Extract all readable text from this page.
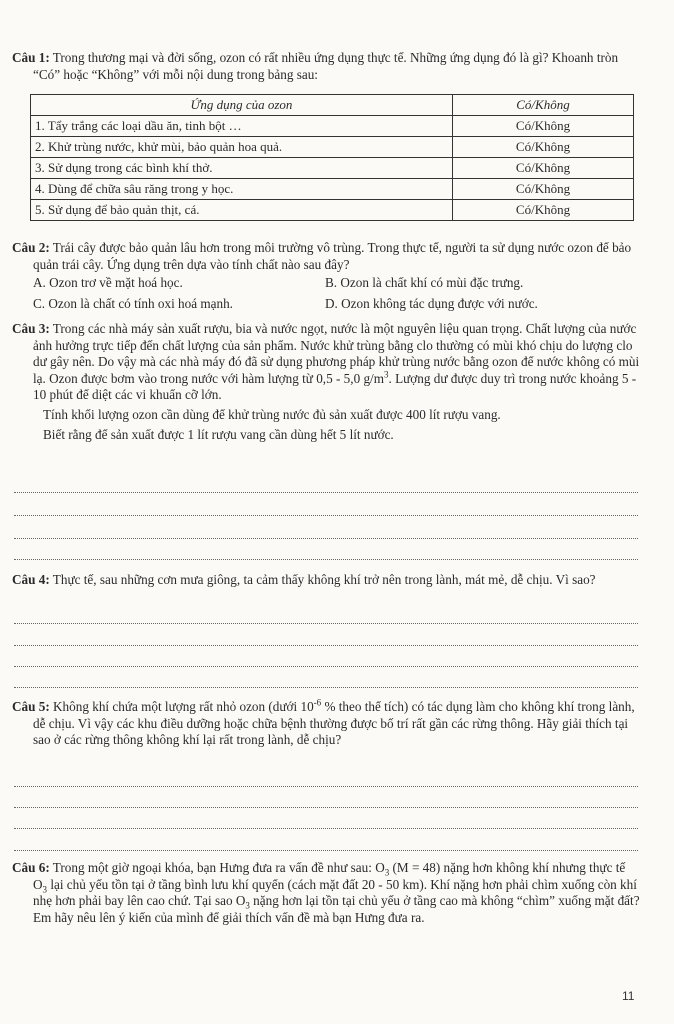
Câu 1: Trong thương mại và đời sống, ozon có rất nhiều ứng dụng thực tế. Những ứng dụng đó là gì? Khoanh tròn “Có” hoặc “Không” với mỗi nội dung trong bảng sau:

Ứng dụng của ozon	Có/Không
1. Tẩy trắng các loại dầu ăn, tinh bột …	Có/Không
2. Khử trùng nước, khử mùi, bảo quản hoa quả.	Có/Không
3. Sử dụng trong các bình khí thở.	Có/Không
4. Dùng để chữa sâu răng trong y học.	Có/Không
5. Sử dụng để bảo quản thịt, cá.	Có/Không

Câu 2: Trái cây được bảo quản lâu hơn trong môi trường vô trùng. Trong thực tế, người ta sử dụng nước ozon để bảo quản trái cây. Ứng dụng trên dựa vào tính chất nào sau đây?

A. Ozon trơ về mặt hoá học.	B. Ozon là chất khí có mùi đặc trưng.
C. Ozon là chất có tính oxi hoá mạnh.	D. Ozon không tác dụng được với nước.

Câu 3: Trong các nhà máy sản xuất rượu, bia và nước ngọt, nước là một nguyên liệu quan trọng. Chất lượng của nước ảnh hưởng trực tiếp đến chất lượng của sản phẩm. Nước khử trùng bằng clo thường có mùi khó chịu do lượng clo dư gây nên. Do vậy mà các nhà máy đó đã sử dụng phương pháp khử trùng nước bằng ozon để nước không có mùi lạ. Ozon được bơm vào trong nước với hàm lượng từ 0,5 - 5,0 $g/m^3$. Lượng dư được duy trì trong nước khoảng 5 - 10 phút để diệt các vi khuẩn cỡ lớn.

Tính khối lượng ozon cần dùng để khử trùng nước đủ sản xuất được 400 lít rượu vang.

Biết rằng để sản xuất được 1 lít rượu vang cần dùng hết 5 lít nước.

Câu 4: Thực tế, sau những cơn mưa giông, ta cảm thấy không khí trở nên trong lành, mát mẻ, dễ chịu. Vì sao?

Câu 5: Không khí chứa một lượng rất nhỏ ozon (dưới $10^{-6}$ % theo thể tích) có tác dụng làm cho không khí trong lành, dễ chịu. Vì vậy các khu điều dưỡng hoặc chữa bệnh thường được bố trí rất gần các rừng thông. Hãy giải thích tại sao ở các rừng thông không khí lại rất trong lành, dễ chịu?

Câu 6: Trong một giờ ngoại khóa, bạn Hưng đưa ra vấn đề như sau: $O_3$ (M = 48) nặng hơn không khí nhưng thực tế $O_3$ lại chủ yếu tồn tại ở tầng bình lưu khí quyển (cách mặt đất 20 - 50 km). Khí nặng hơn phải chìm xuống còn khí nhẹ hơn phải bay lên cao chứ. Tại sao $O_3$ nặng hơn lại tồn tại chủ yếu ở tầng cao mà không “chìm” xuống mặt đất? Em hãy nêu lên ý kiến của mình để giải thích vấn đề mà bạn Hưng đưa ra.

11
